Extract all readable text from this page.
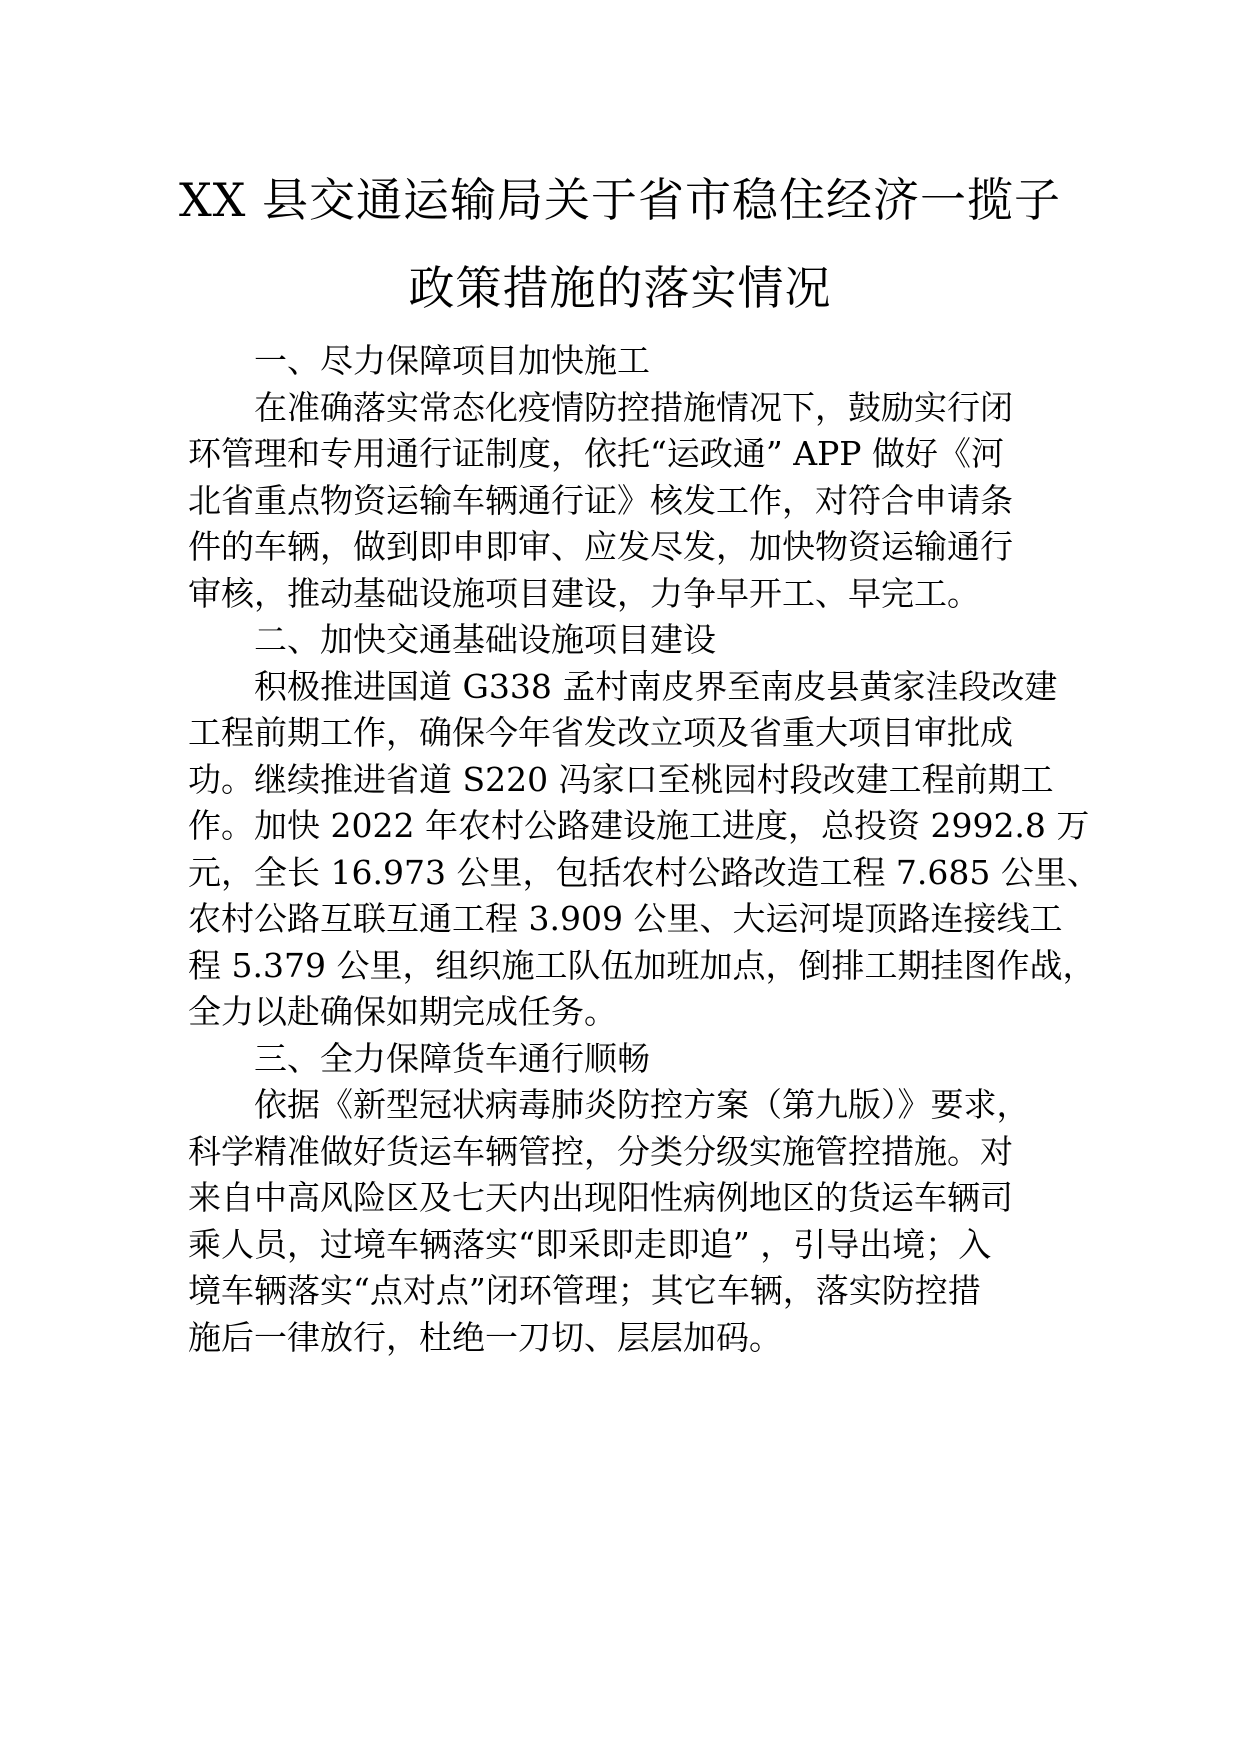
XX 县交通运输局关于省市稳住经济一揽子
政策措施的落实情况
一、尽力保障项目加快施工
在准确落实常态化疫情防控措施情况下，鼓励实行闭
环管理和专用通行证制度，依托“运政通” APP 做好《河
北省重点物资运输车辆通行证》核发工作，对符合申请条
件的车辆，做到即申即审、应发尽发，加快物资运输通行
审核，推动基础设施项目建设，力争早开工、早完工。
二、加快交通基础设施项目建设
积极推进国道 G338 孟村南皮界至南皮县黄家洼段改建
工程前期工作，确保今年省发改立项及省重大项目审批成
功。继续推进省道 S220 冯家口至桃园村段改建工程前期工
作。加快 2022 年农村公路建设施工进度，总投资 2992.8 万
元，全长 16.973 公里，包括农村公路改造工程 7.685 公里、
农村公路互联互通工程 3.909 公里、大运河堤顶路连接线工
程 5.379 公里，组织施工队伍加班加点，倒排工期挂图作战，
全力以赴确保如期完成任务。
三、全力保障货车通行顺畅
依据《新型冠状病毒肺炎防控方案（第九版）》要求，
科学精准做好货运车辆管控，分类分级实施管控措施。对
来自中高风险区及七天内出现阳性病例地区的货运车辆司
乘人员，过境车辆落实“即采即走即追” ，引导出境；入
境车辆落实“点对点”闭环管理；其它车辆，落实防控措
施后一律放行，杜绝一刀切、层层加码。
